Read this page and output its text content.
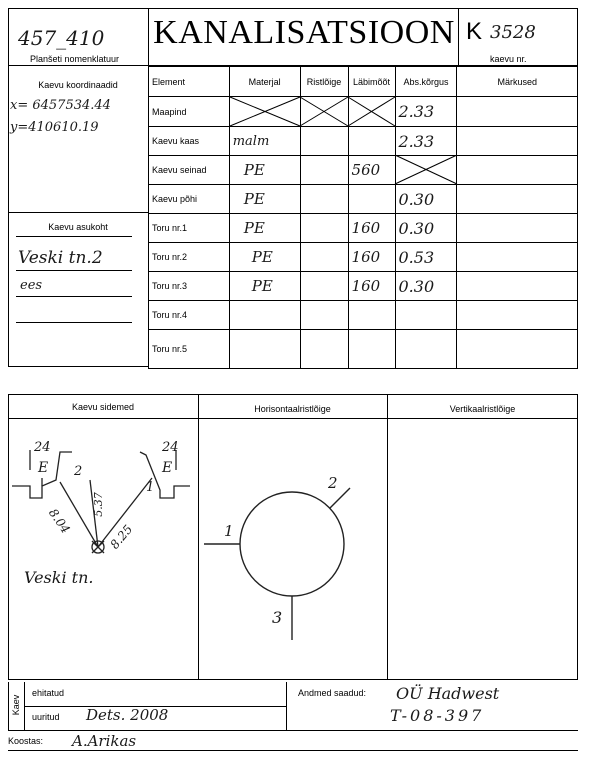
457_410
Planšeti nomenklatuur
KANALISATSIOON K 3528
kaevu nr.
Kaevu koordinaadid
x= 6457534.44
y=410610.19
Kaevu asukoht
Veski tn.2
ees
Element	Materjal	Ristlõige	Läbimõõt	Abs.kõrgus	Märkused
Maapind				2.33	
Kaevu kaas	malm			2.33	
Kaevu seinad	PE		560		
Kaevu põhi	PE			0.30	
Toru nr.1	PE		160	0.30	
Toru nr.2	PE		160	0.53	
Toru nr.3	PE		160	0.30	
Toru nr.4					
Toru nr.5					
Kaevu sidemed	Horisontaalristlõige	Vertikaalristlõige
24
E
24
E
2
1
8.04
5.37
8.25
Veski tn.
1
2
3
Kaev
ehitatud
uuritud Dets. 2008
Andmed saadud: OÜ Hadwest
T-08-397
Koostas: A.Arikas
